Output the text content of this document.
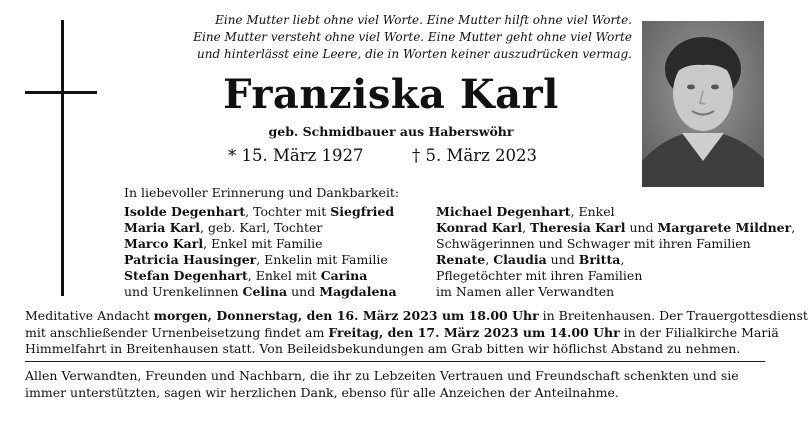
Eine Mutter liebt ohne viel Worte. Eine Mutter hilft ohne viel Worte.
Eine Mutter versteht ohne viel Worte. Eine Mutter geht ohne viel Worte
und hinterlässt eine Leere, die in Worten keiner auszudrücken vermag.
Franziska Karl
geb. Schmidbauer aus Haberswöhr
* 15. März 1927	† 5. März 2023
In liebevoller Erinnerung und Dankbarkeit:
Isolde Degenhart, Tochter mit Siegfried
Maria Karl, geb. Karl, Tochter
Marco Karl, Enkel mit Familie
Patricia Hausinger, Enkelin mit Familie
Stefan Degenhart, Enkel mit Carina
und Urenkelinnen Celina und Magdalena
Michael Degenhart, Enkel
Konrad Karl, Theresia Karl und Margarete Mildner,
Schwägerinnen und Schwager mit ihren Familien
Renate, Claudia und Britta,
Pflegetöchter mit ihren Familien
im Namen aller Verwandten
Meditative Andacht morgen, Donnerstag, den 16. März 2023 um 18.00 Uhr in Breitenhausen. Der Trauergottesdienst
mit anschließender Urnenbeisetzung findet am Freitag, den 17. März 2023 um 14.00 Uhr in der Filialkirche Mariä
Himmelfahrt in Breitenhausen statt. Von Beileidsbekundungen am Grab bitten wir höflichst Abstand zu nehmen.
Allen Verwandten, Freunden und Nachbarn, die ihr zu Lebzeiten Vertrauen und Freundschaft schenkten und sie
immer unterstützten, sagen wir herzlichen Dank, ebenso für alle Anzeichen der Anteilnahme.
